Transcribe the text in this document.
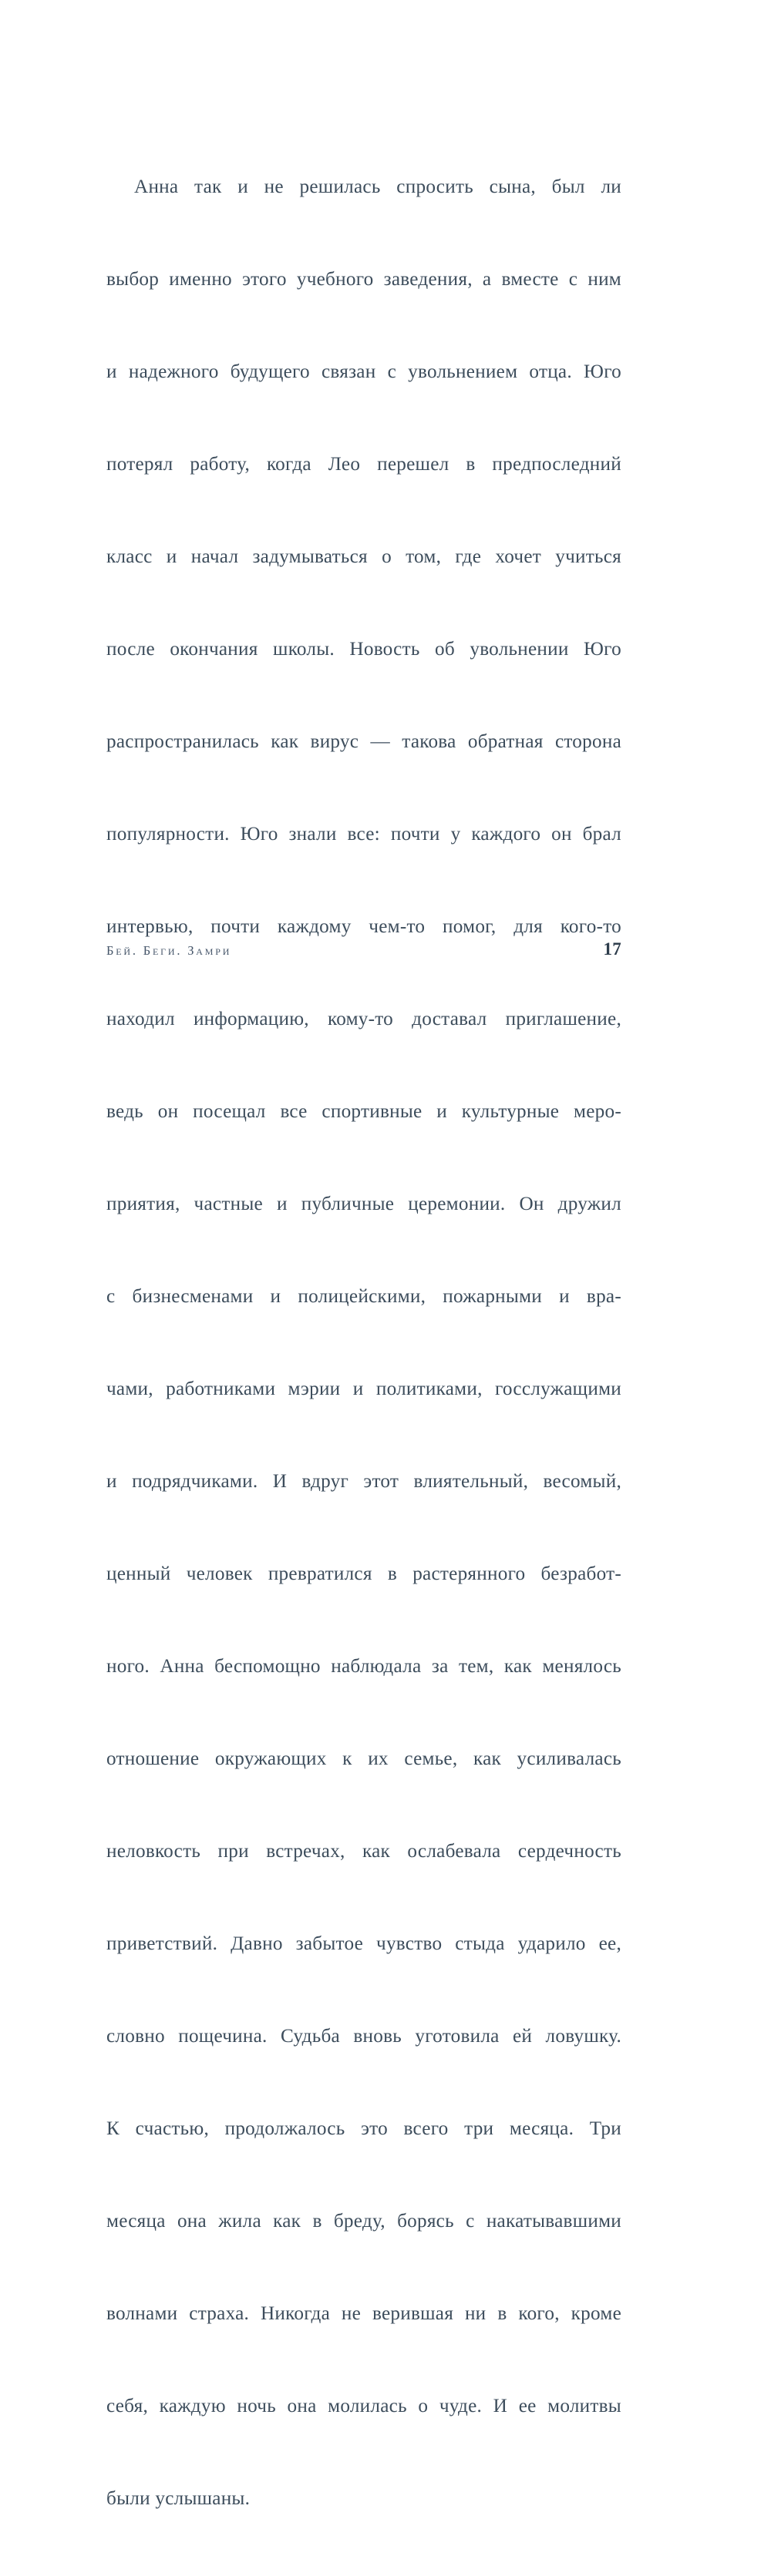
Анна так и не решилась спросить сына, был ли

выбор именно этого учебного заведения, а вместе с ним

и надежного будущего связан с увольнением отца. Юго

потерял работу, когда Лео перешел в предпоследний

класс и начал задумываться о том, где хочет учиться

после окончания школы. Новость об увольнении Юго

распространилась как вирус — такова обратная сторона

популярности. Юго знали все: почти у каждого он брал

интервью, почти каждому чем-то помог, для кого-то

находил информацию, кому-то доставал приглашение,

ведь он посещал все спортивные и культурные меро-

приятия, частные и публичные церемонии. Он дружил

с бизнесменами и полицейскими, пожарными и вра-

чами, работниками мэрии и политиками, госслужащими

и подрядчиками. И вдруг этот влиятельный, весомый,

ценный человек превратился в растерянного безработ-

ного. Анна беспомощно наблюдала за тем, как менялось

отношение окружающих к их семье, как усиливалась

неловкость при встречах, как ослабевала сердечность

приветствий. Давно забытое чувство стыда ударило ее,

словно пощечина. Судьба вновь уготовила ей ловушку.

К счастью, продолжалось это всего три месяца. Три

месяца она жила как в бреду, борясь с накатывавшими

волнами страха. Никогда не верившая ни в кого, кроме

себя, каждую ночь она молилась о чуде. И ее молитвы

были услышаны.

Бей. Беги. Замри	17
